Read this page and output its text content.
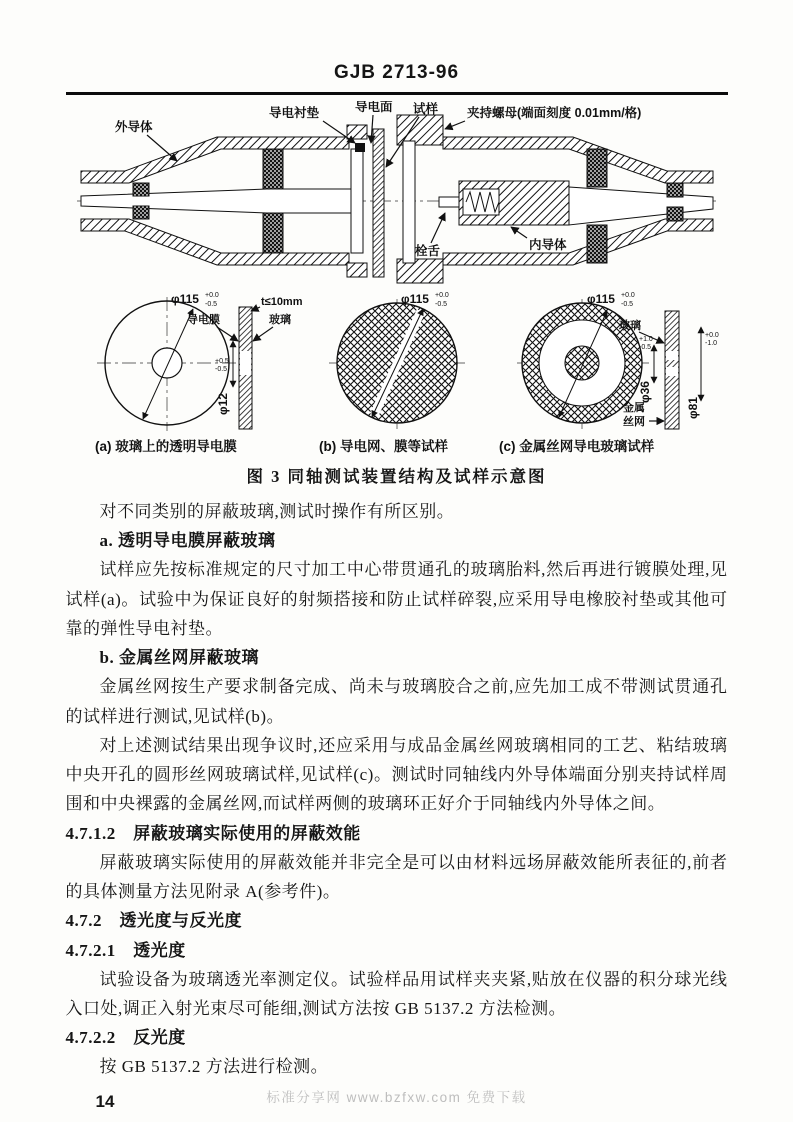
GJB 2713-96
外导体
导电衬垫	导电面 试样 夹持螺母(端面刻度 0.01mm/格)
栓舌	内导体
φ115 +0.0
-0.5	t≤10mm
导电膜	玻璃
φ12
+0.5
-0.5
(a) 玻璃上的透明导电膜
φ115 +0.0
-0.5
(b) 导电网、膜等试样
φ115 +0.0
-0.5
玻璃
φ36
+1.0
-0.5
φ81
+0.0
-1.0
金属
丝网
(c) 金属丝网导电玻璃试样
图 3 同轴测试装置结构及试样示意图

对不同类别的屏蔽玻璃,测试时操作有所区别。

a. 透明导电膜屏蔽玻璃

试样应先按标准规定的尺寸加工中心带贯通孔的玻璃胎料,然后再进行镀膜处理,见试样(a)。试验中为保证良好的射频搭接和防止试样碎裂,应采用导电橡胶衬垫或其他可靠的弹性导电衬垫。

b. 金属丝网屏蔽玻璃

金属丝网按生产要求制备完成、尚未与玻璃胶合之前,应先加工成不带测试贯通孔的试样进行测试,见试样(b)。

对上述测试结果出现争议时,还应采用与成品金属丝网玻璃相同的工艺、粘结玻璃中央开孔的圆形丝网玻璃试样,见试样(c)。测试时同轴线内外导体端面分别夹持试样周围和中央裸露的金属丝网,而试样两侧的玻璃环正好介于同轴线内外导体之间。

4.7.1.2　屏蔽玻璃实际使用的屏蔽效能

屏蔽玻璃实际使用的屏蔽效能并非完全是可以由材料远场屏蔽效能所表征的,前者的具体测量方法见附录 A(参考件)。

4.7.2　透光度与反光度

4.7.2.1　透光度

试验设备为玻璃透光率测定仪。试验样品用试样夹夹紧,贴放在仪器的积分球光线入口处,调正入射光束尽可能细,测试方法按 GB 5137.2 方法检测。

4.7.2.2　反光度

按 GB 5137.2 方法进行检测。

14	标准分享网 www.bzfxw.com 免费下载
